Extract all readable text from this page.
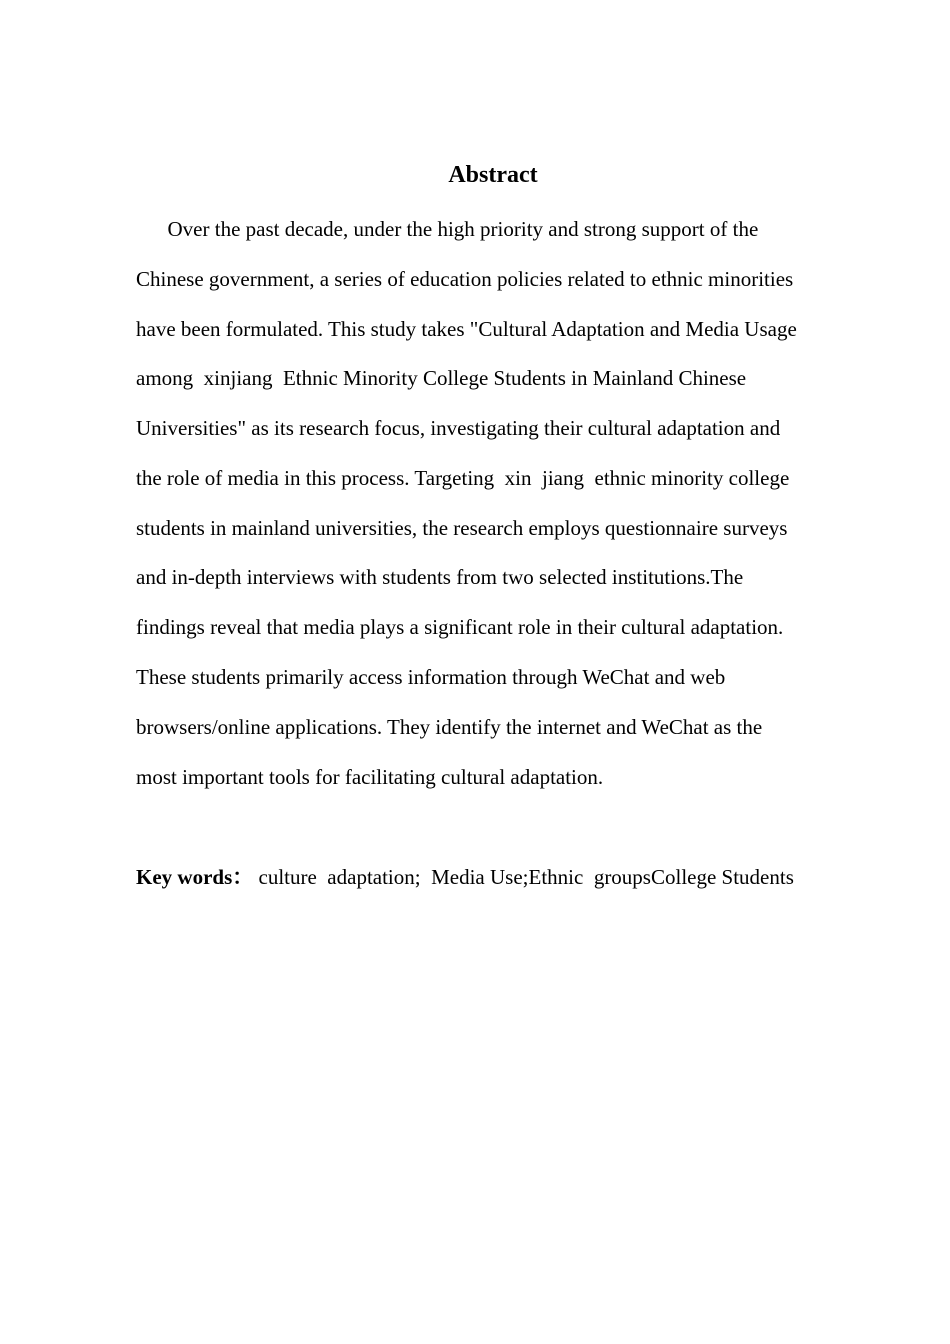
Abstract

Over the past decade, under the high priority and strong support of the

Chinese government, a series of education policies related to ethnic minorities

have been formulated. This study takes "Cultural Adaptation and Media Usage

among  xinjiang  Ethnic Minority College Students in Mainland Chinese

Universities" as its research focus, investigating their cultural adaptation and

the role of media in this process. Targeting  xin  jiang  ethnic minority college

students in mainland universities, the research employs questionnaire surveys

and in-depth interviews with students from two selected institutions.The

findings reveal that media plays a significant role in their cultural adaptation.

These students primarily access information through WeChat and web

browsers/online applications. They identify the internet and WeChat as the

most important tools for facilitating cultural adaptation.

Key words： culture  adaptation;  Media Use;Ethnic  groupsCollege Students
